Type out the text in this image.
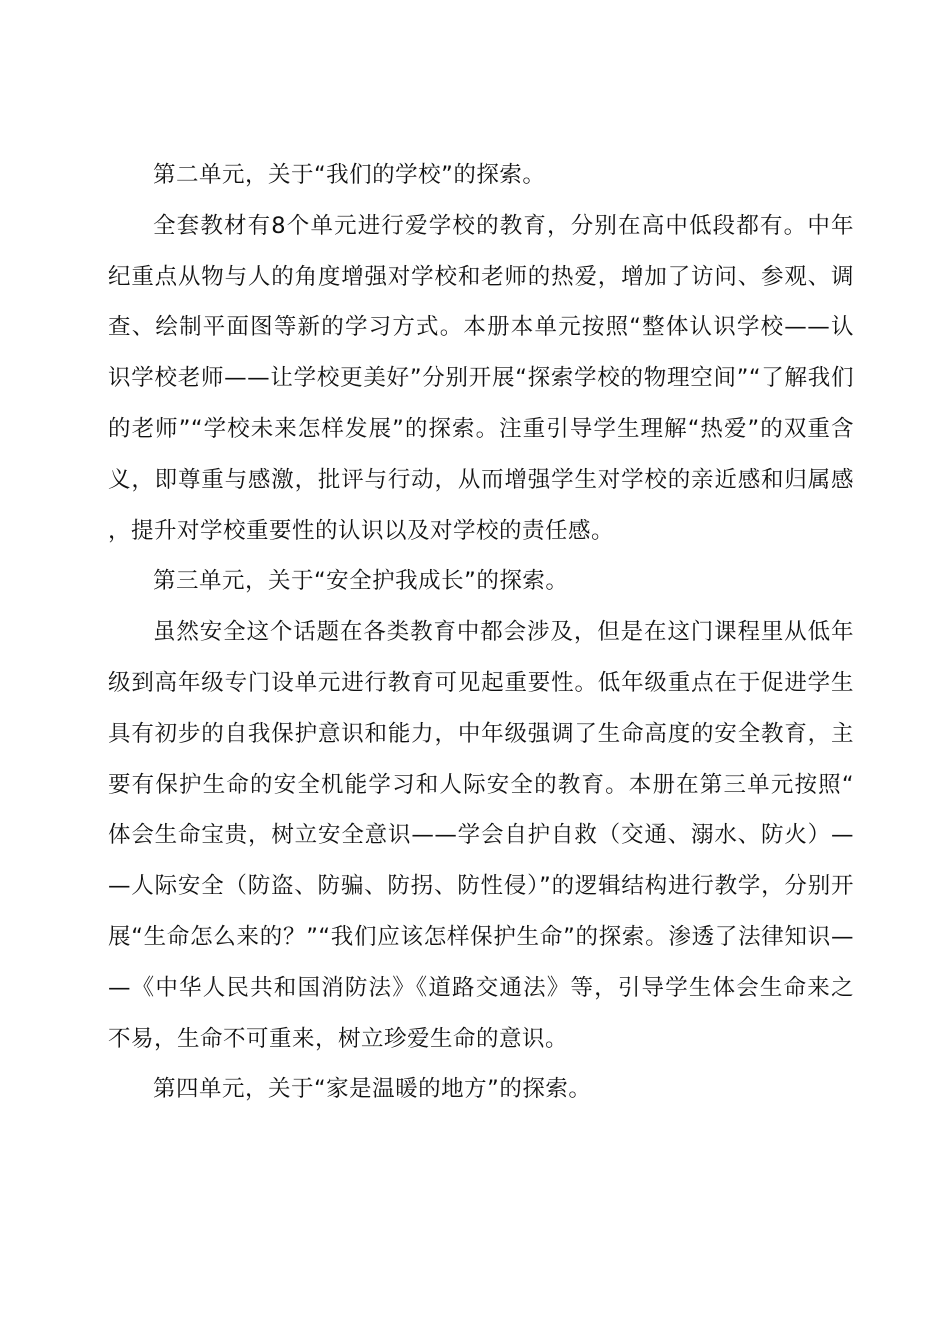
第二单元，关于“我们的学校”的探索。

全套教材有8个单元进行爱学校的教育，分别在高中低段都有。中年纪重点从物与人的角度增强对学校和老师的热爱，增加了访问、参观、调查、绘制平面图等新的学习方式。本册本单元按照“整体认识学校——认识学校老师——让学校更美好”分别开展“探索学校的物理空间”“了解我们的老师”“学校未来怎样发展”的探索。注重引导学生理解“热爱”的双重含义，即尊重与感激，批评与行动，从而增强学生对学校的亲近感和归属感，提升对学校重要性的认识以及对学校的责任感。

第三单元，关于“安全护我成长”的探索。

虽然安全这个话题在各类教育中都会涉及，但是在这门课程里从低年级到高年级专门设单元进行教育可见起重要性。低年级重点在于促进学生具有初步的自我保护意识和能力，中年级强调了生命高度的安全教育，主要有保护生命的安全机能学习和人际安全的教育。本册在第三单元按照“体会生命宝贵，树立安全意识——学会自护自救（交通、溺水、防火）——人际安全（防盗、防骗、防拐、防性侵）”的逻辑结构进行教学，分别开展“生命怎么来的？”“我们应该怎样保护生命”的探索。渗透了法律知识——《中华人民共和国消防法》《道路交通法》等，引导学生体会生命来之不易，生命不可重来，树立珍爱生命的意识。

第四单元，关于“家是温暖的地方”的探索。
